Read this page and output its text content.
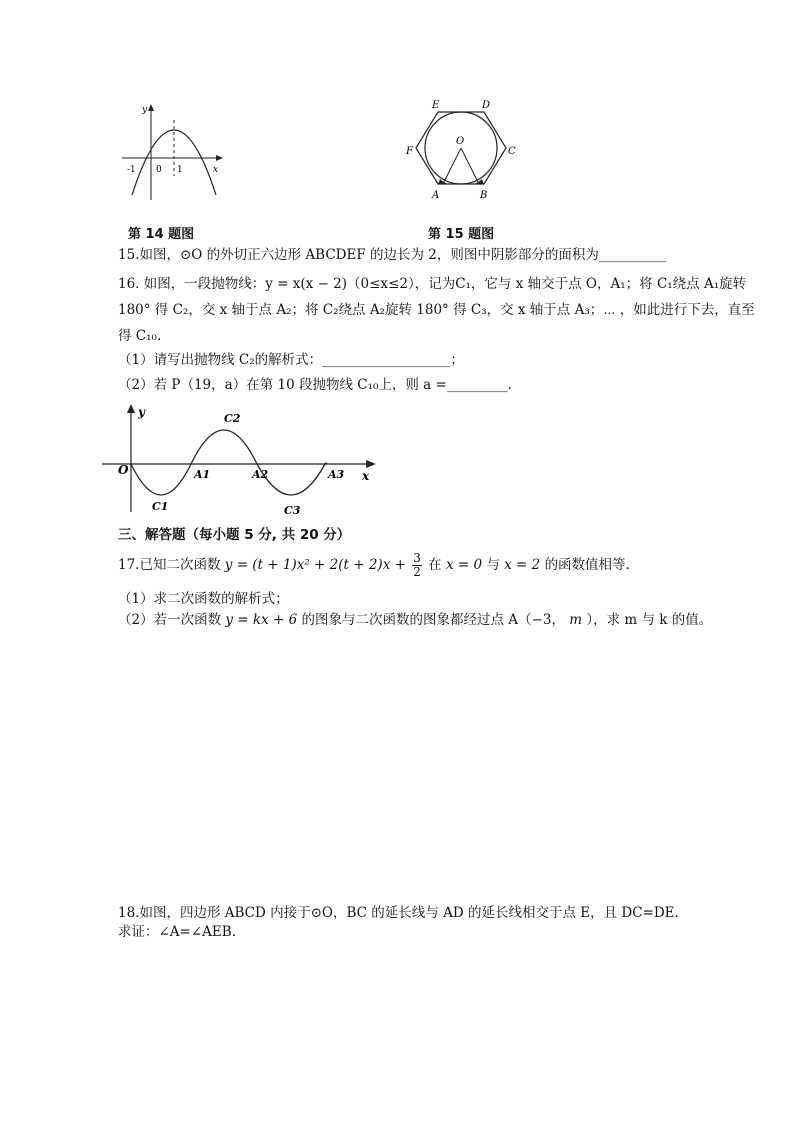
y
x
-1 0 1
第 14 题图
E	D
F	C
O
A	B
第 15 题图
15.如图，⊙O 的外切正六边形 ABCDEF 的边长为 2，则图中阴影部分的面积为__________
16. 如图，一段抛物线：y = x(x − 2)（0≤x≤2），记为C₁，它与 x 轴交于点 O，A₁；将 C₁绕点 A₁旋转
180° 得 C₂，交 x 轴于点 A₂；将 C₂绕点 A₂旋转 180° 得 C₃，交 x 轴于点 A₃；⋯ ，如此进行下去，直至
得 C₁₀.
（1）请写出抛物线 C₂的解析式：___________________；
（2）若 P（19，a）在第 10 段抛物线 C₁₀上，则 a =_________.
y
x
O	A1	A2	A3
C1
C2
C3
三、解答题（每小题 5 分, 共 20 分）
17.已知二次函数 $y = (t + 1)x^2 + 2(t + 2)x + \frac{3}{2}$ 在 x = 0 与 x = 2 的函数值相等.
（1）求二次函数的解析式；
（2）若一次函数 y = kx + 6 的图象与二次函数的图象都经过点 A（−3， m ），求 m 与 k 的值。
18.如图，四边形 ABCD 内接于⊙O，BC 的延长线与 AD 的延长线相交于点 E，且 DC=DE.
求证：∠A=∠AEB.
